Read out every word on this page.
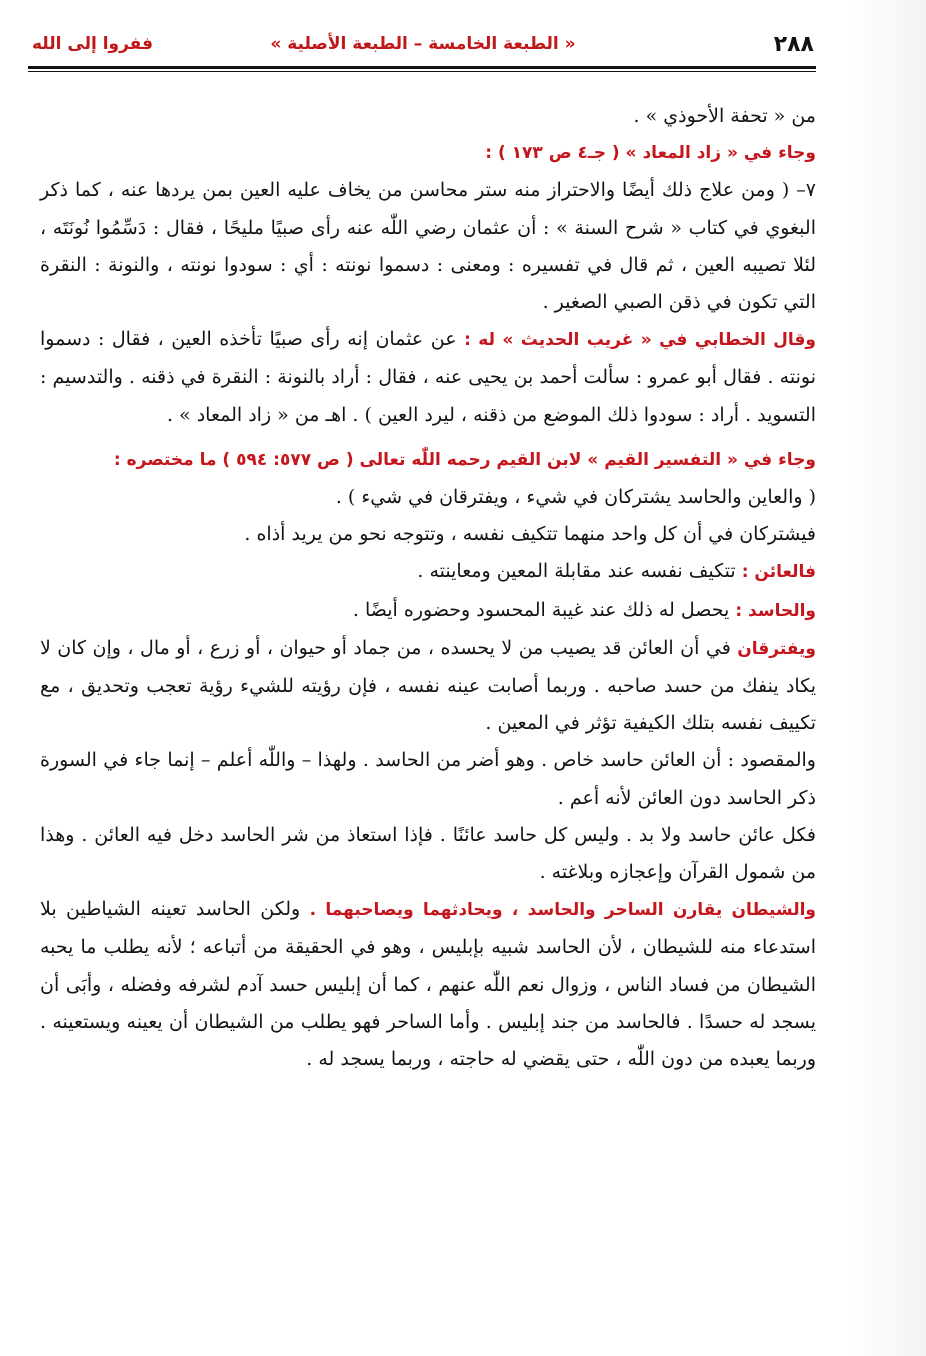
٢٨٨
« الطبعة الخامسة – الطبعة الأصلية »
ففروا إلى الله

من « تحفة الأحوذي » .

وجاء في « زاد المعاد » ( جـ٤ ص ١٧٣ ) :

٧– ( ومن علاج ذلك أيضًا والاحتراز منه ستر محاسن من يخاف عليه العين بمن يردها عنه ، كما ذكر البغوي في كتاب « شرح السنة » : أن عثمان رضي اللّٰه عنه رأى صبيًا مليحًا ، فقال : دَسِّمُوا نُونَتَه ، لئلا تصيبه العين ، ثم قال في تفسيره : ومعنى : دسموا نونته : أي : سودوا نونته ، والنونة : النقرة التي تكون في ذقن الصبي الصغير .

وقال الخطابي في « غريب الحديث » له : عن عثمان إنه رأى صبيًا تأخذه العين ، فقال : دسموا نونته . فقال أبو عمرو : سألت أحمد بن يحيى عنه ، فقال : أراد بالنونة : النقرة في ذقنه . والتدسيم : التسويد . أراد : سودوا ذلك الموضع من ذقنه ، ليرد العين ) . اهـ من « زاد المعاد » .

وجاء في « التفسير القيم » لابن القيم رحمه اللّٰه تعالى ( ص ٥٧٧: ٥٩٤ ) ما مختصره :

( والعاين والحاسد يشتركان في شيء ، ويفترقان في شيء ) .

فيشتركان في أن كل واحد منهما تتكيف نفسه ، وتتوجه نحو من يريد أذاه .

فالعائن : تتكيف نفسه عند مقابلة المعين ومعاينته .

والحاسد : يحصل له ذلك عند غيبة المحسود وحضوره أيضًا .

ويفترقان في أن العائن قد يصيب من لا يحسده ، من جماد أو حيوان ، أو زرع ، أو مال ، وإن كان لا يكاد ينفك من حسد صاحبه . وربما أصابت عينه نفسه ، فإن رؤيته للشيء رؤية تعجب وتحديق ، مع تكييف نفسه بتلك الكيفية تؤثر في المعين .

والمقصود : أن العائن حاسد خاص . وهو أضر من الحاسد . ولهذا – واللّٰه أعلم – إنما جاء في السورة ذكر الحاسد دون العائن لأنه أعم .

فكل عائن حاسد ولا بد . وليس كل حاسد عائنًا . فإذا استعاذ من شر الحاسد دخل فيه العائن . وهذا من شمول القرآن وإعجازه وبلاغته .

والشيطان يقارن الساحر والحاسد ، ويحادثهما ويصاحبهما . ولكن الحاسد تعينه الشياطين بلا استدعاء منه للشيطان ، لأن الحاسد شبيه بإبليس ، وهو في الحقيقة من أتباعه ؛ لأنه يطلب ما يحبه الشيطان من فساد الناس ، وزوال نعم اللّٰه عنهم ، كما أن إبليس حسد آدم لشرفه وفضله ، وأبَى أن يسجد له حسدًا . فالحاسد من جند إبليس . وأما الساحر فهو يطلب من الشيطان أن يعينه ويستعينه . وربما يعبده من دون اللّٰه ، حتى يقضي له حاجته ، وربما يسجد له .
